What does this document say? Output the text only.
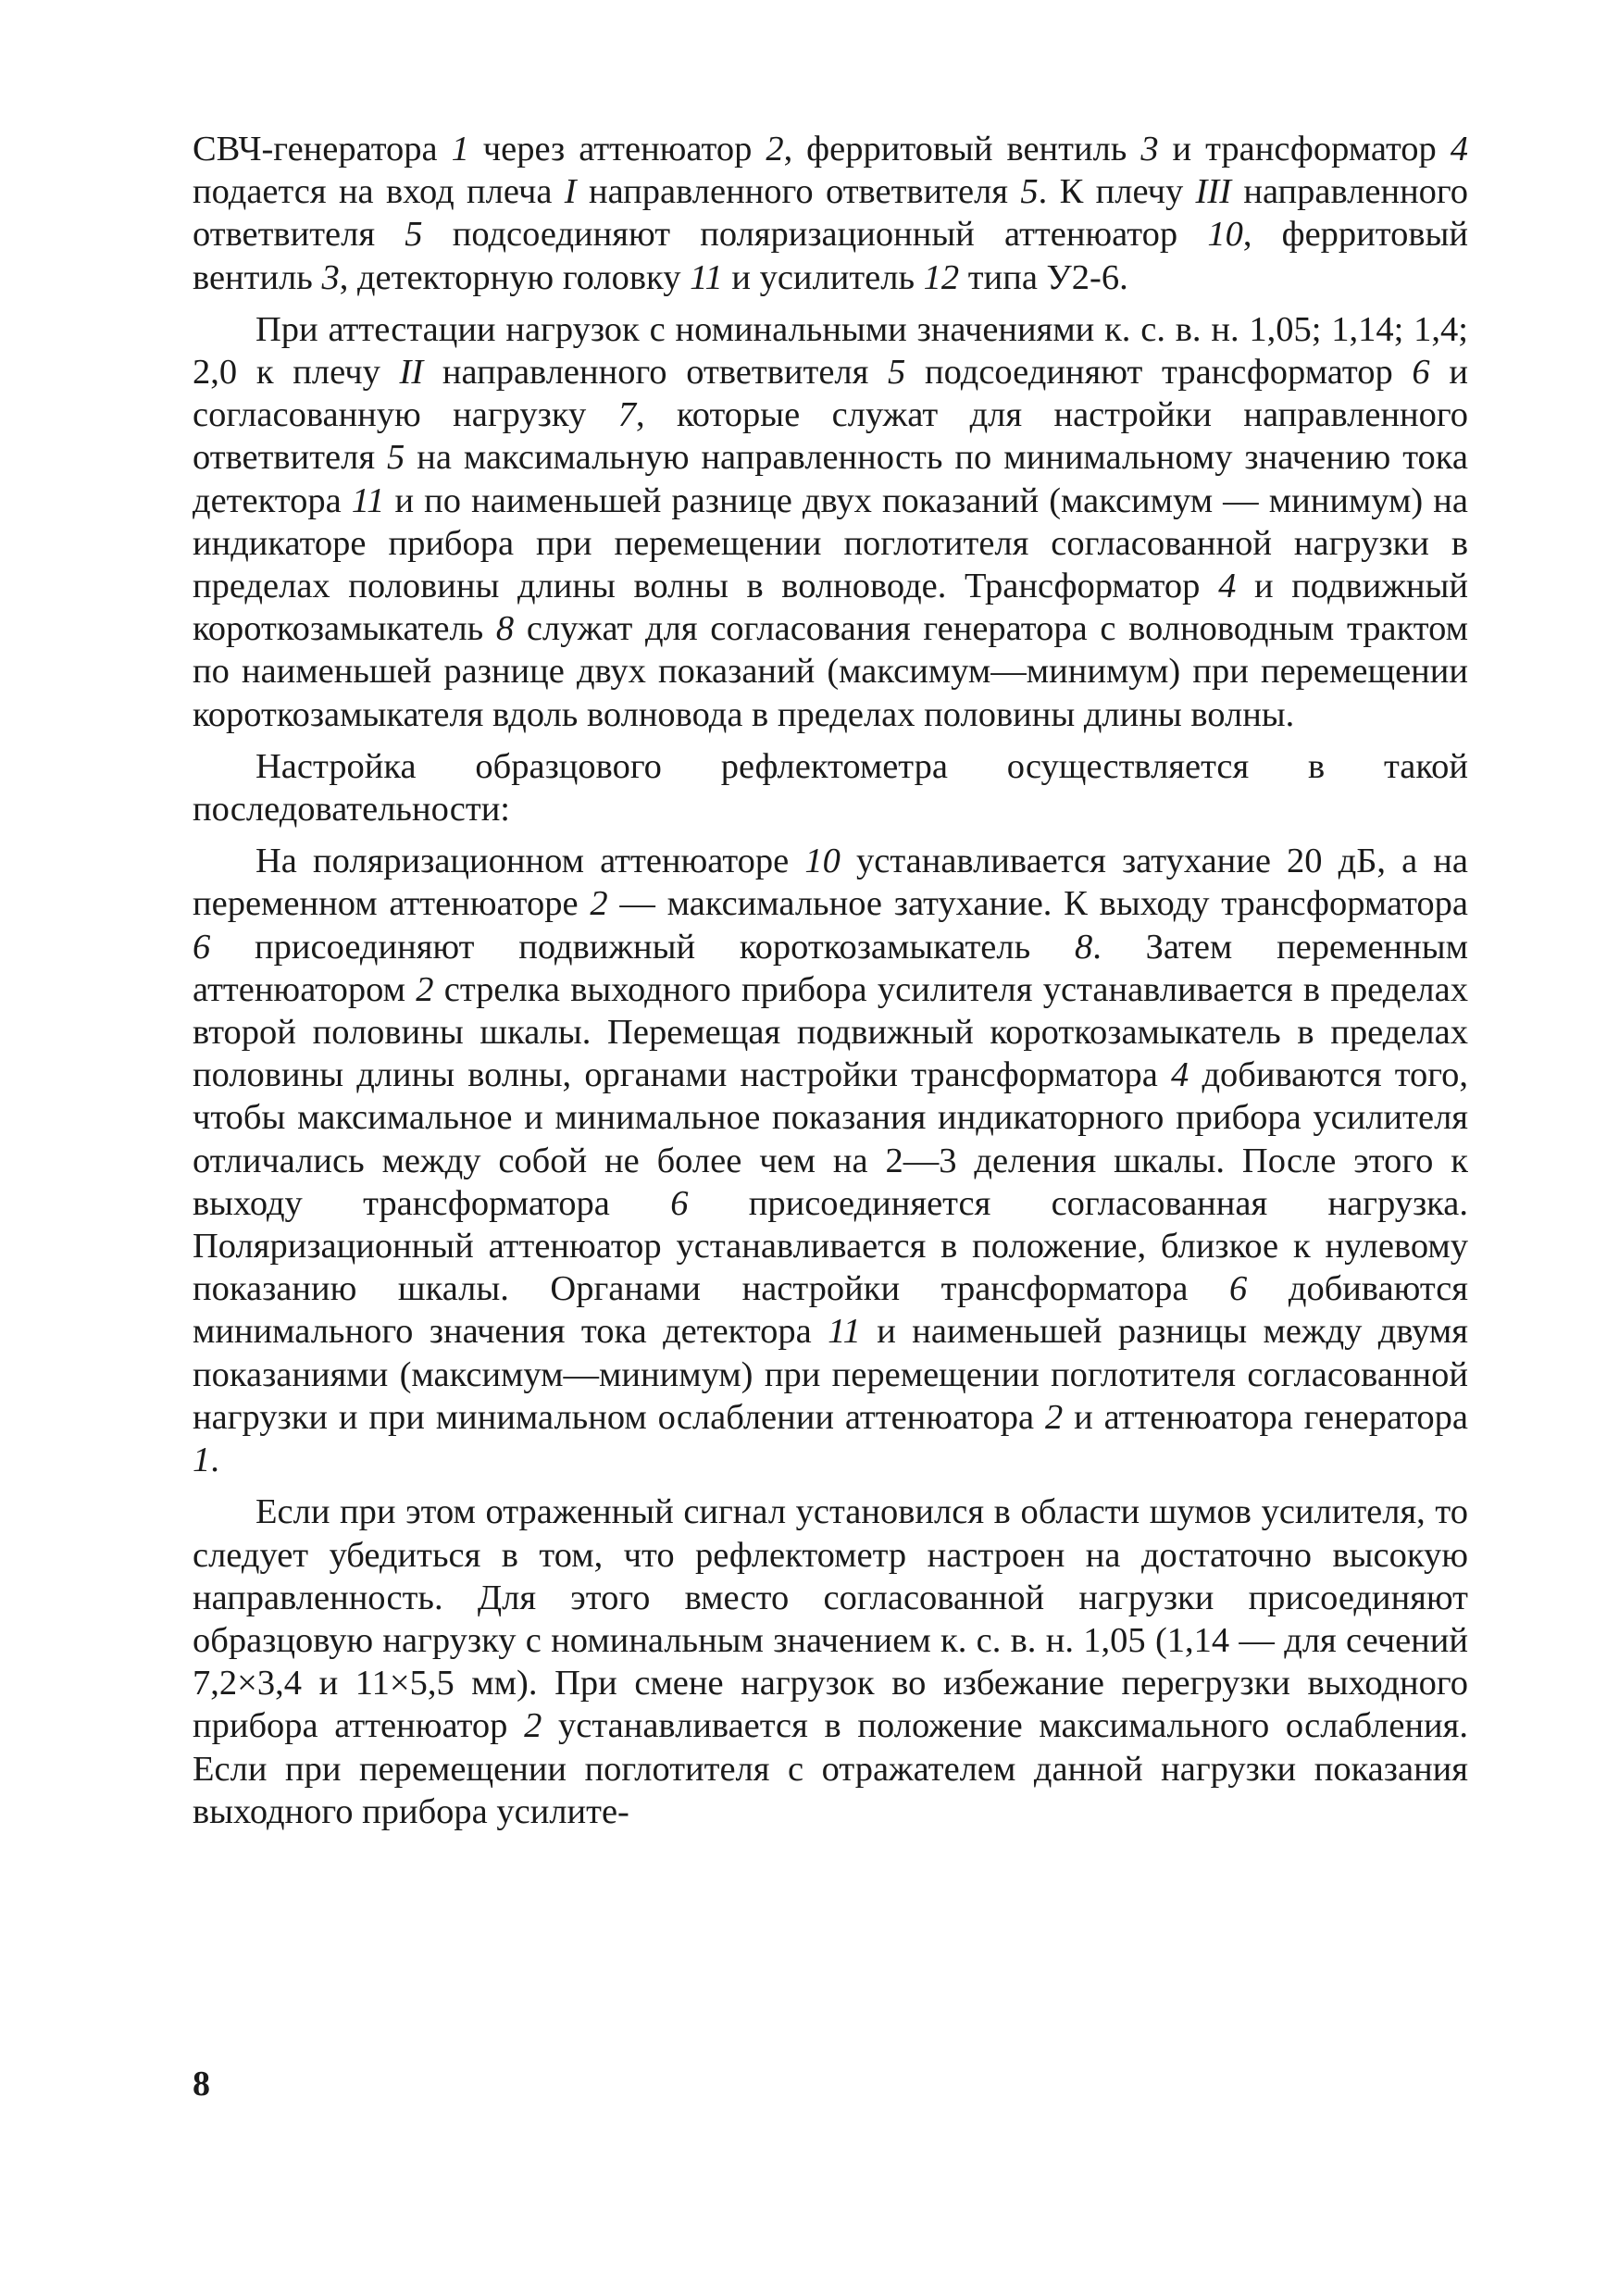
СВЧ-генератора 1 через аттенюатор 2, ферритовый вентиль 3 и трансформатор 4 подается на вход плеча I направленного ответвителя 5. К плечу III направленного ответвителя 5 подсоединяют поляризационный аттенюатор 10, ферритовый вентиль 3, детекторную головку 11 и усилитель 12 типа У2-6.

При аттестации нагрузок с номинальными значениями к. с. в. н. 1,05; 1,14; 1,4; 2,0 к плечу II направленного ответвителя 5 подсоединяют трансформатор 6 и согласованную нагрузку 7, которые служат для настройки направленного ответвителя 5 на максимальную направленность по минимальному значению тока детектора 11 и по наименьшей разнице двух показаний (максимум — минимум) на индикаторе прибора при перемещении поглотителя согласованной нагрузки в пределах половины длины волны в волноводе. Трансформатор 4 и подвижный короткозамыкатель 8 служат для согласования генератора с волноводным трактом по наименьшей разнице двух показаний (максимум—минимум) при перемещении короткозамыкателя вдоль волновода в пределах половины длины волны.

Настройка образцового рефлектометра осуществляется в такой последовательности:

На поляризационном аттенюаторе 10 устанавливается затухание 20 дБ, а на переменном аттенюаторе 2 — максимальное затухание. К выходу трансформатора 6 присоединяют подвижный короткозамыкатель 8. Затем переменным аттенюатором 2 стрелка выходного прибора усилителя устанавливается в пределах второй половины шкалы. Перемещая подвижный короткозамыкатель в пределах половины длины волны, органами настройки трансформатора 4 добиваются того, чтобы максимальное и минимальное показания индикаторного прибора усилителя отличались между собой не более чем на 2—3 деления шкалы. После этого к выходу трансформатора 6 присоединяется согласованная нагрузка. Поляризационный аттенюатор устанавливается в положение, близкое к нулевому показанию шкалы. Органами настройки трансформатора 6 добиваются минимального значения тока детектора 11 и наименьшей разницы между двумя показаниями (максимум—минимум) при перемещении поглотителя согласованной нагрузки и при минимальном ослаблении аттенюатора 2 и аттенюатора генератора 1.

Если при этом отраженный сигнал установился в области шумов усилителя, то следует убедиться в том, что рефлектометр настроен на достаточно высокую направленность. Для этого вместо согласованной нагрузки присоединяют образцовую нагрузку с номинальным значением к. с. в. н. 1,05 (1,14 — для сечений 7,2×3,4 и 11×5,5 мм). При смене нагрузок во избежание перегрузки выходного прибора аттенюатор 2 устанавливается в положение максимального ослабления. Если при перемещении поглотителя с отражателем данной нагрузки показания выходного прибора усилите-

8
